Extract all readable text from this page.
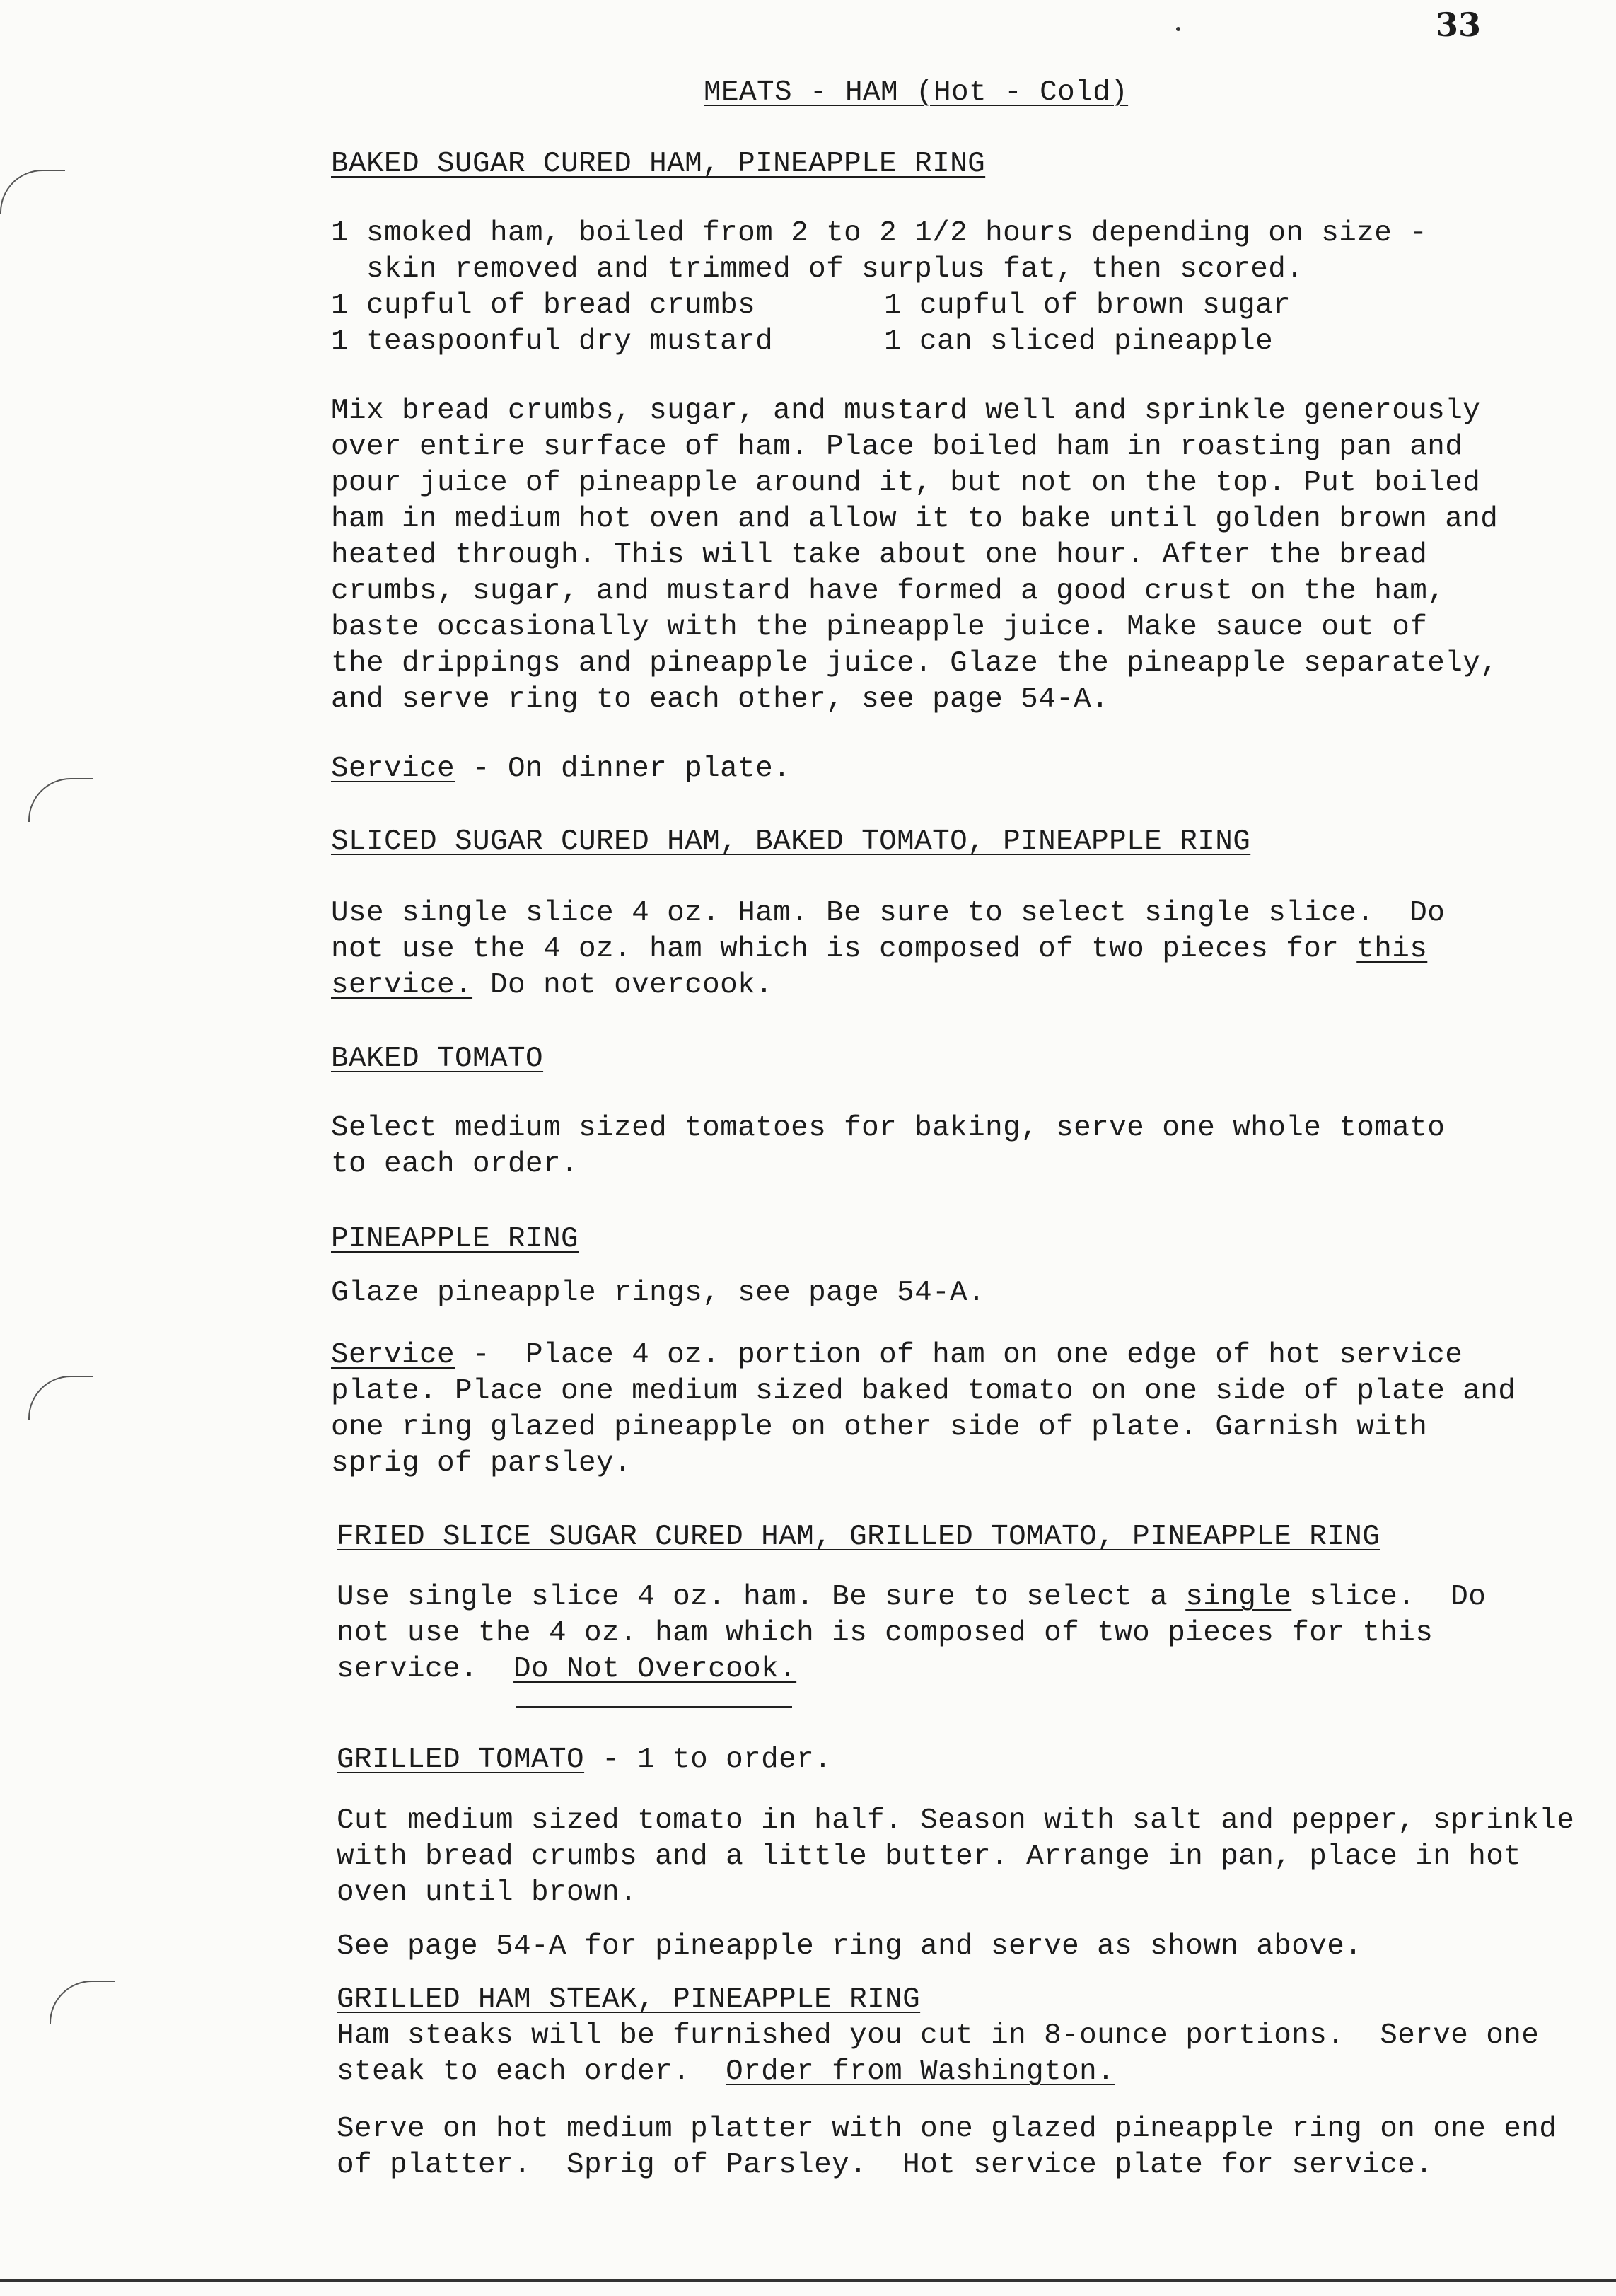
33
MEATS - HAM (Hot - Cold)
BAKED SUGAR CURED HAM, PINEAPPLE RING
1 smoked ham, boiled from 2 to 2 1/2 hours depending on size -
skin removed and trimmed of surplus fat, then scored.
1 cupful of bread crumbs	1 cupful of brown sugar
1 teaspoonful dry mustard	1 can sliced pineapple
Mix bread crumbs, sugar, and mustard well and sprinkle generously
over entire surface of ham. Place boiled ham in roasting pan and
pour juice of pineapple around it, but not on the top. Put boiled
ham in medium hot oven and allow it to bake until golden brown and
heated through. This will take about one hour. After the bread
crumbs, sugar, and mustard have formed a good crust on the ham,
baste occasionally with the pineapple juice. Make sauce out of
the drippings and pineapple juice. Glaze the pineapple separately,
and serve ring to each other, see page 54-A.
Service - On dinner plate.
SLICED SUGAR CURED HAM, BAKED TOMATO, PINEAPPLE RING
Use single slice 4 oz. Ham. Be sure to select single slice.  Do
not use the 4 oz. ham which is composed of two pieces for this
service. Do not overcook.
BAKED TOMATO
Select medium sized tomatoes for baking, serve one whole tomato
to each order.
PINEAPPLE RING
Glaze pineapple rings, see page 54-A.
Service -  Place 4 oz. portion of ham on one edge of hot service
plate. Place one medium sized baked tomato on one side of plate and
one ring glazed pineapple on other side of plate. Garnish with
sprig of parsley.
FRIED SLICE SUGAR CURED HAM, GRILLED TOMATO, PINEAPPLE RING
Use single slice 4 oz. ham. Be sure to select a single slice.  Do
not use the 4 oz. ham which is composed of two pieces for this
service.  Do Not Overcook.
GRILLED TOMATO - 1 to order.
Cut medium sized tomato in half. Season with salt and pepper, sprinkle
with bread crumbs and a little butter. Arrange in pan, place in hot
oven until brown.
See page 54-A for pineapple ring and serve as shown above.
GRILLED HAM STEAK, PINEAPPLE RING
Ham steaks will be furnished you cut in 8-ounce portions.  Serve one
steak to each order.  Order from Washington.
Serve on hot medium platter with one glazed pineapple ring on one end
of platter.  Sprig of Parsley.  Hot service plate for service.
